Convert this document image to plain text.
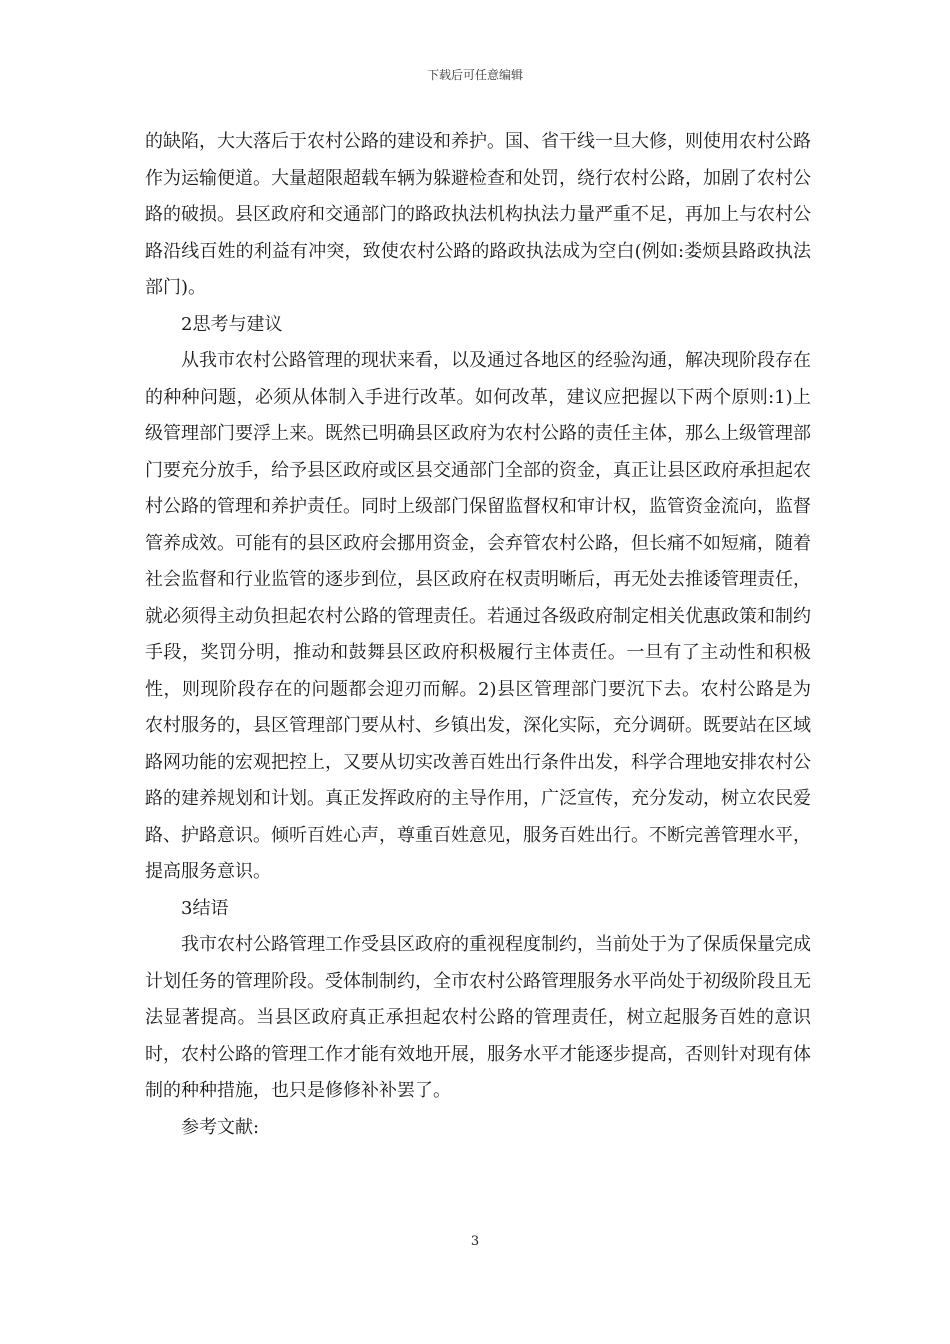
下载后可任意编辑

的缺陷，大大落后于农村公路的建设和养护。国、省干线一旦大修，则使用农村公路作为运输便道。大量超限超载车辆为躲避检查和处罚，绕行农村公路，加剧了农村公路的破损。县区政府和交通部门的路政执法机构执法力量严重不足，再加上与农村公路沿线百姓的利益有冲突，致使农村公路的路政执法成为空白(例如:娄烦县路政执法部门)。

2思考与建议

从我市农村公路管理的现状来看，以及通过各地区的经验沟通，解决现阶段存在的种种问题，必须从体制入手进行改革。如何改革，建议应把握以下两个原则:1)上级管理部门要浮上来。既然已明确县区政府为农村公路的责任主体，那么上级管理部门要充分放手，给予县区政府或区县交通部门全部的资金，真正让县区政府承担起农村公路的管理和养护责任。同时上级部门保留监督权和审计权，监管资金流向，监督管养成效。可能有的县区政府会挪用资金，会弃管农村公路，但长痛不如短痛，随着社会监督和行业监管的逐步到位，县区政府在权责明晰后，再无处去推诿管理责任，就必须得主动负担起农村公路的管理责任。若通过各级政府制定相关优惠政策和制约手段，奖罚分明，推动和鼓舞县区政府积极履行主体责任。一旦有了主动性和积极性，则现阶段存在的问题都会迎刃而解。2)县区管理部门要沉下去。农村公路是为农村服务的，县区管理部门要从村、乡镇出发，深化实际，充分调研。既要站在区域路网功能的宏观把控上，又要从切实改善百姓出行条件出发，科学合理地安排农村公路的建养规划和计划。真正发挥政府的主导作用，广泛宣传，充分发动，树立农民爱路、护路意识。倾听百姓心声，尊重百姓意见，服务百姓出行。不断完善管理水平，提高服务意识。

3结语

我市农村公路管理工作受县区政府的重视程度制约，当前处于为了保质保量完成计划任务的管理阶段。受体制制约，全市农村公路管理服务水平尚处于初级阶段且无法显著提高。当县区政府真正承担起农村公路的管理责任，树立起服务百姓的意识时，农村公路的管理工作才能有效地开展，服务水平才能逐步提高，否则针对现有体制的种种措施，也只是修修补补罢了。

参考文献:

3
